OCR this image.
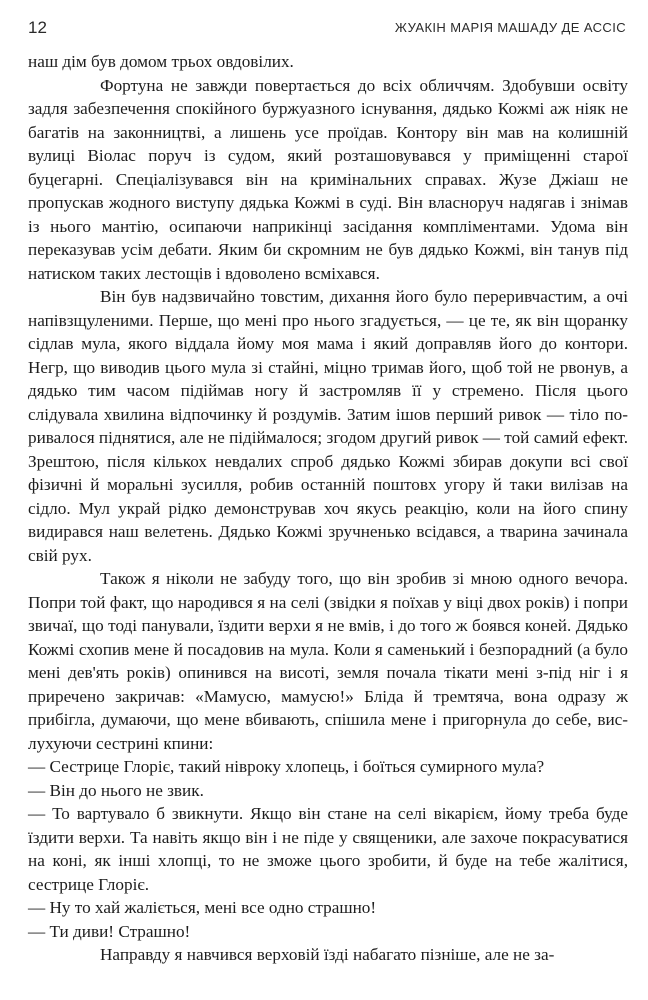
12	ЖУАКІН МАРІЯ МАШАДУ ДЕ АССІС

наш дім був домом трьох овдовілих.

Фортуна не завжди повертається до всіх обличчям. Здобувши освіту задля забезпечення спокійного буржуазного існування, дядько Кожмі аж ніяк не багатів на законництві, а лишень усе проїдав. Контору він мав на колишній вулиці Віолас поруч із судом, який розташовувався у приміщенні старої буцегарні. Спеціалізувався він на кримінальних справах. Жузе Джіаш не пропускав жодного виступу дядька Кожмі в суді. Він власноруч надягав і знімав із нього мантію, осипаючи наприкінці засідання компліментами. Удома він переказував усім дебати. Яким би скромним не був дядько Кожмі, він танув під натиском таких лестощів і вдоволено всміхався.

Він був надзвичайно товстим, дихання його було переривчастим, а очі напівзщуленими. Перше, що мені про нього згадується, — це те, як він щоранку сідлав мула, якого віддала йому моя мама і який доправляв його до контори. Негр, що виводив цього мула зі стайні, міцно тримав його, щоб той не рвонув, а дядько тим часом підіймав ногу й застромляв її у стремено. Після цього слідувала хвилина відпочинку й роздумів. Затим ішов перший ривок — тіло поривалося піднятися, але не підіймалося; згодом другий ривок — той самий ефект. Зрештою, після кількох невдалих спроб дядько Кожмі збирав докупи всі свої фізичні й моральні зусилля, робив останній поштовх угору й таки вилізав на сідло. Мул украй рідко демонстрував хоч якусь реакцію, коли на його спину видирався наш велетень. Дядько Кожмі зручненько всідався, а тварина зачинала свій рух.

Також я ніколи не забуду того, що він зробив зі мною одного вечора. Попри той факт, що народився я на селі (звідки я поїхав у віці двох років) і попри звичаї, що тоді панували, їздити верхи я не вмів, і до того ж боявся коней. Дядько Кожмі схопив мене й посадовив на мула. Коли я саменький і безпорадний (а було мені дев'ять років) опинився на висоті, земля почала тікати мені з-під ніг і я приречено закричав: «Мамусю, мамусю!» Бліда й тремтяча, вона одразу ж прибігла, думаючи, що мене вбивають, спішила мене і пригорнула до себе, вислухуючи сестрині кпини:

— Сестрице Глоріє, такий нівроку хлопець, і боїться сумирного мула?

— Він до нього не звик.

— То вартувало б звикнути. Якщо він стане на селі вікарієм, йому треба буде їздити верхи. Та навіть якщо він і не піде у священики, але захоче покрасуватися на коні, як інші хлопці, то не зможе цього зробити, й буде на тебе жалітися, сестрице Глоріє.

— Ну то хай жаліється, мені все одно страшно!

— Ти диви! Страшно!

Направду я навчився верховій їзді набагато пізніше, але не за-
